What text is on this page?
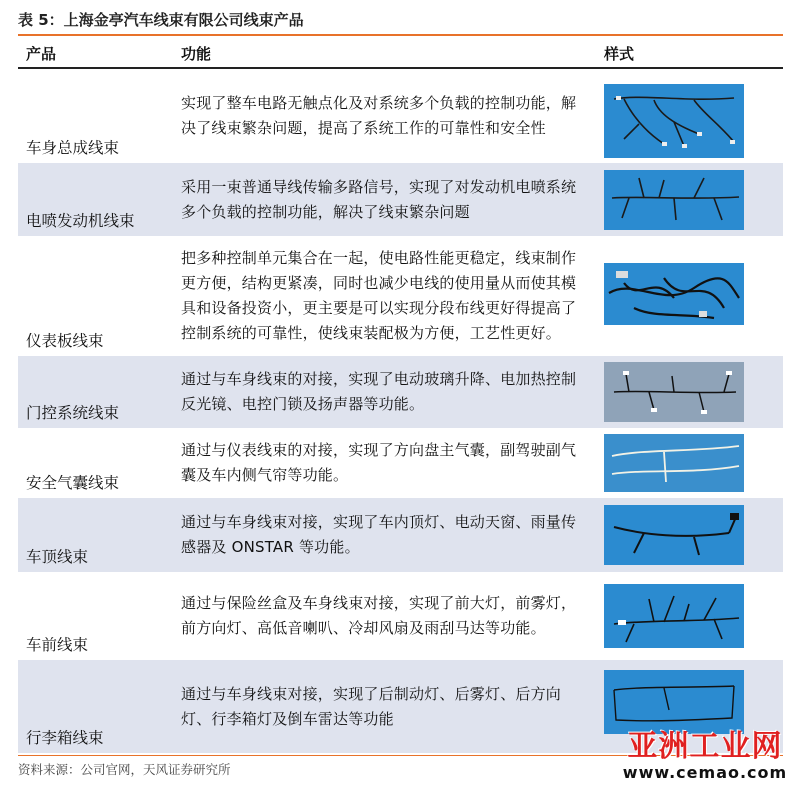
表 5：上海金亭汽车线束有限公司线束产品
产品	功能	样式
车身总成线束
实现了整车电路无触点化及对系统多个负载的控制功能，解决了线束繁杂问题，提高了系统工作的可靠性和安全性
电喷发动机线束
采用一束普通导线传输多路信号，实现了对发动机电喷系统多个负载的控制功能，解决了线束繁杂问题
仪表板线束
把多种控制单元集合在一起，使电路性能更稳定，线束制作更方便，结构更紧凑，同时也减少电线的使用量从而使其模具和设备投资小，更主要是可以实现分段布线更好得提高了控制系统的可靠性，使线束装配极为方便，工艺性更好。
门控系统线束
通过与车身线束的对接，实现了电动玻璃升降、电加热控制反光镜、电控门锁及扬声器等功能。
安全气囊线束
通过与仪表线束的对接，实现了方向盘主气囊，副驾驶副气囊及车内侧气帘等功能。
车顶线束
通过与车身线束对接，实现了车内顶灯、电动天窗、雨量传感器及 ONSTAR 等功能。
车前线束
通过与保险丝盒及车身线束对接，实现了前大灯，前雾灯，前方向灯、高低音喇叭、冷却风扇及雨刮马达等功能。
行李箱线束
通过与车身线束对接，实现了后制动灯、后雾灯、后方向灯、行李箱灯及倒车雷达等功能
资料来源：公司官网，天风证券研究所
亚洲工业网
www.cemao.com
